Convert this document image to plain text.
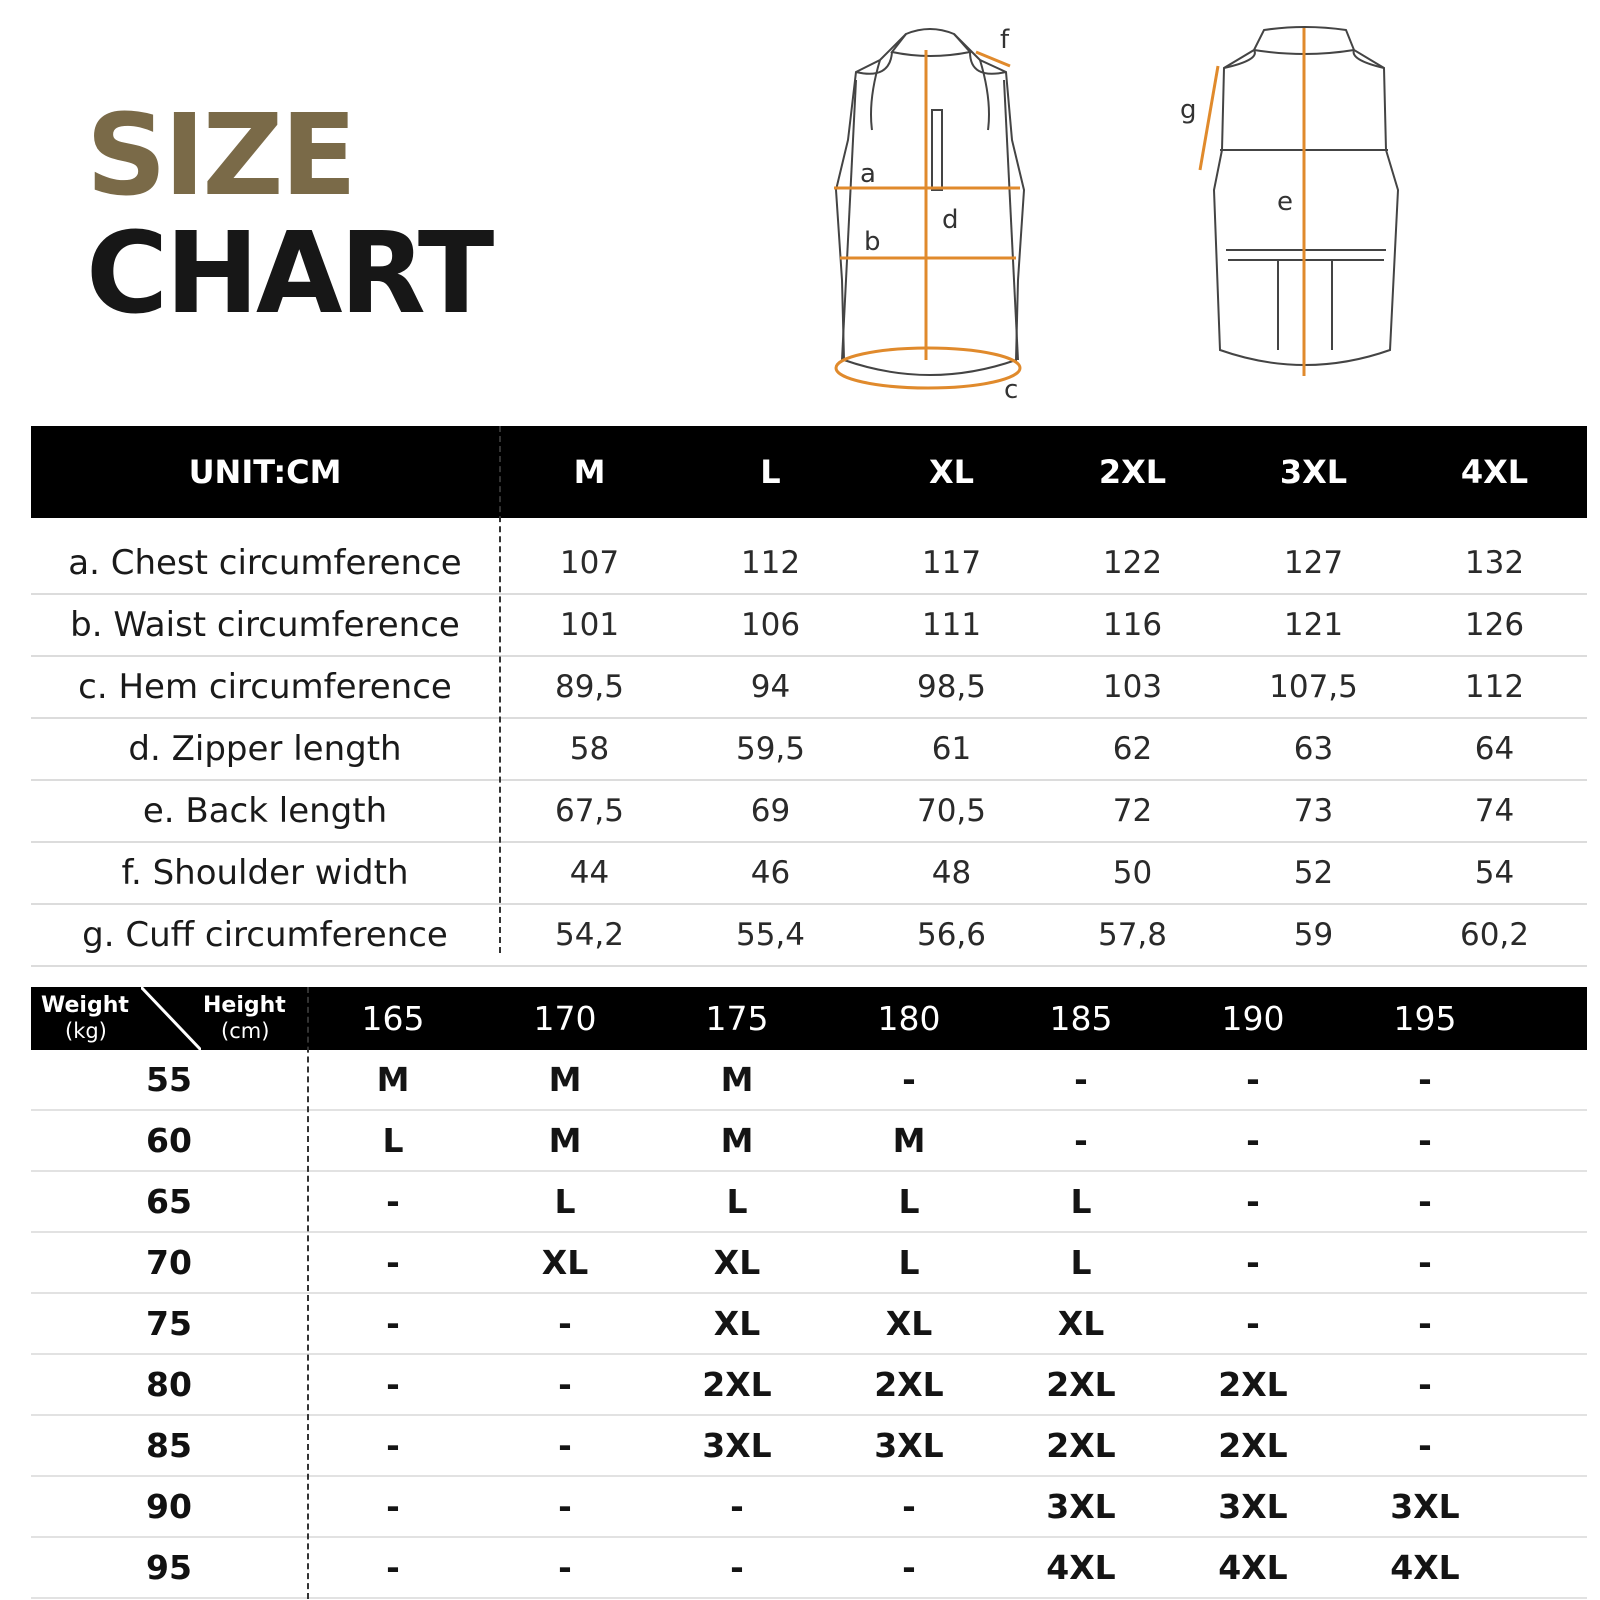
SIZE
CHART
a
b
c
d
f
g
e
UNIT:CM	M	L	XL	2XL	3XL	4XL
a. Chest circumference	107	112	117	122	127	132
b. Waist circumference	101	106	111	116	121	126
c. Hem circumference	89,5	94	98,5	103	107,5	112
d. Zipper length	58	59,5	61	62	63	64
e. Back length	67,5	69	70,5	72	73	74
f. Shoulder width	44	46	48	50	52	54
g. Cuff circumference	54,2	55,4	56,6	57,8	59	60,2
Weight
(kg)
Height
(cm)	165	170	175	180	185	190	195
55	M	M	M	-	-	-	-
60	L	M	M	M	-	-	-
65	-	L	L	L	L	-	-
70	-	XL	XL	L	L	-	-
75	-	-	XL	XL	XL	-	-
80	-	-	2XL	2XL	2XL	2XL	-
85	-	-	3XL	3XL	2XL	2XL	-
90	-	-	-	-	3XL	3XL	3XL
95	-	-	-	-	4XL	4XL	4XL
